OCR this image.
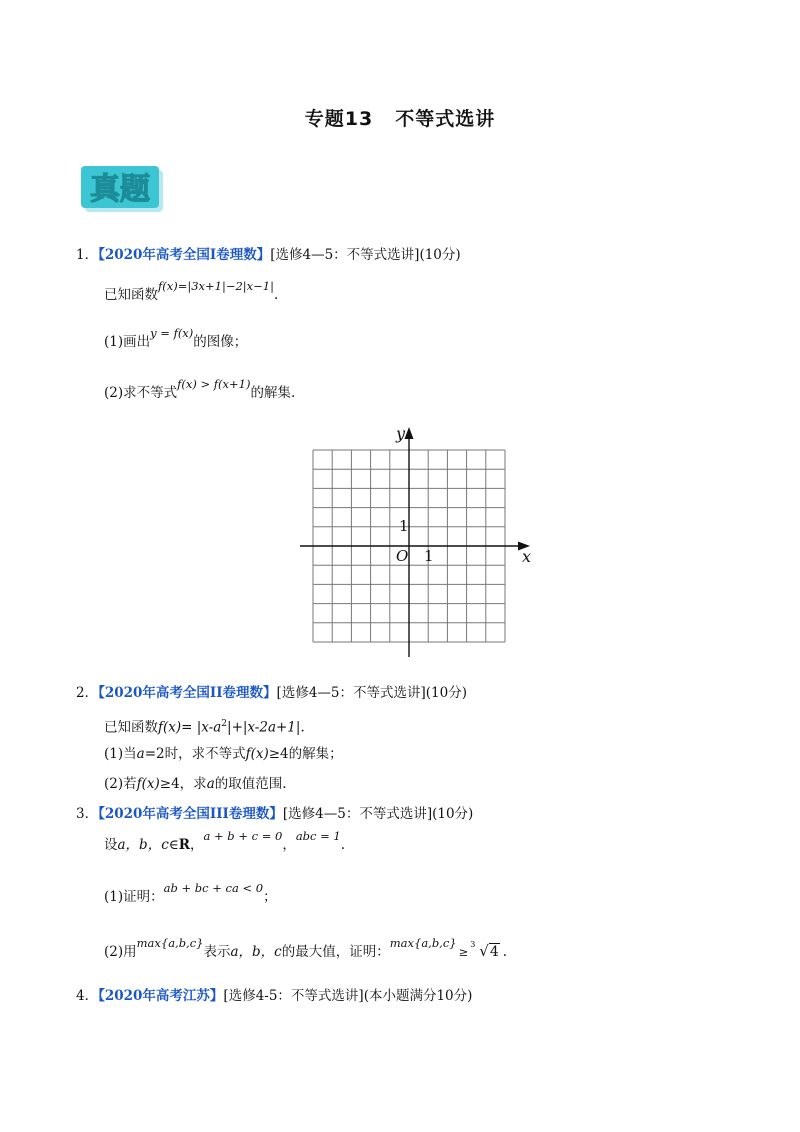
专题13 不等式选讲
真题
1．【2020年高考全国Ⅰ卷理数】[选修4—5：不等式选讲](10分)
已知函数f(x)=|3x+1|−2|x−1|.
(1)画出y = f(x)的图像；
(2)求不等式f(x) > f(x+1)的解集.
x
y
O 1
1
2．【2020年高考全国II卷理数】[选修4—5：不等式选讲](10分)
已知函数$f(x)= |x-a^2|+|x-2a+1|$.
(1)当a=2时，求不等式f(x)≥4的解集；
(2)若f(x)≥4，求a的取值范围.
3．【2020年高考全国III卷理数】[选修4—5：不等式选讲](10分)
设a，b，c∈R，a + b + c = 0，abc = 1.
(1)证明：ab + bc + ca < 0；
(2)用max{a,b,c}表示a，b，c的最大值，证明：max{a,b,c}≥
3 √4 .
4．【2020年高考江苏】[选修4-5：不等式选讲](本小题满分10分)
